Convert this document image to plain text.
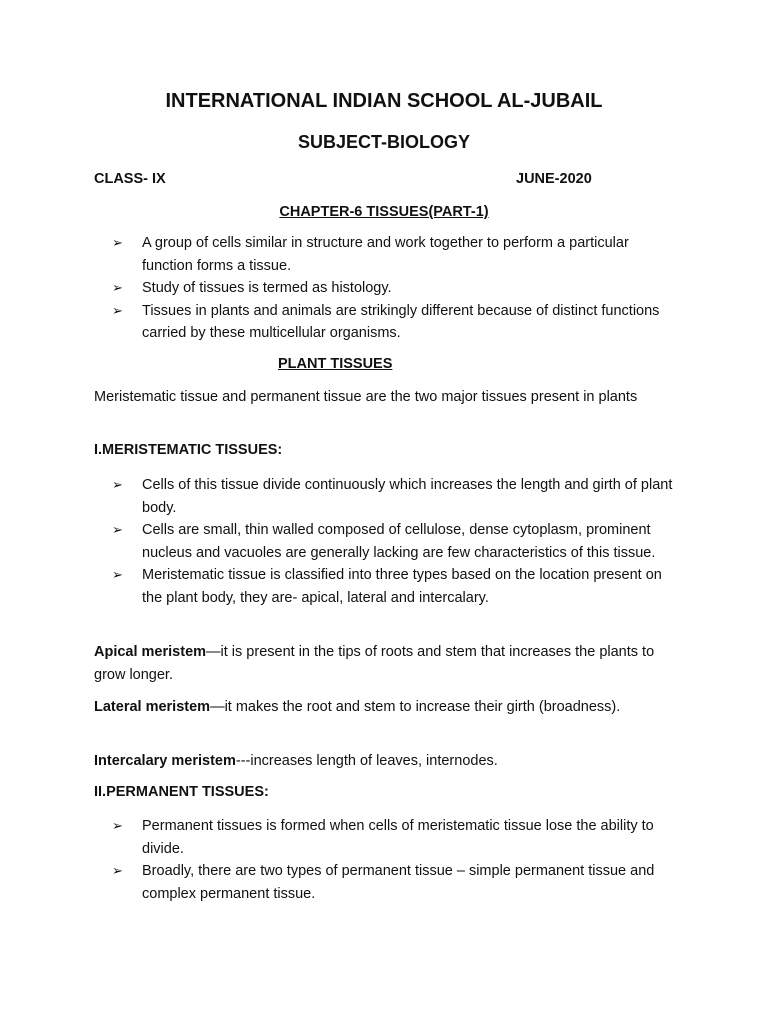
INTERNATIONAL INDIAN SCHOOL AL-JUBAIL
SUBJECT-BIOLOGY
CLASS- IX	JUNE-2020
CHAPTER-6 TISSUES(PART-1)
➢ A group of cells similar in structure and work together to perform a particular function forms a tissue.
➢ Study of tissues is termed as histology.
➢ Tissues in plants and animals are strikingly different because of distinct functions carried by these multicellular organisms.
PLANT TISSUES

Meristematic tissue and permanent tissue are the two major tissues present in plants

I.MERISTEMATIC TISSUES:
➢ Cells of this tissue divide continuously which increases the length and girth of plant body.
➢ Cells are small, thin walled composed of cellulose, dense cytoplasm, prominent nucleus and vacuoles are generally lacking are few characteristics of this tissue.
➢ Meristematic tissue is classified into three types based on the location present on the plant body, they are- apical, lateral and intercalary.

Apical meristem—it is present in the tips of roots and stem that increases the plants to grow longer.

Lateral meristem—it makes the root and stem to increase their girth (broadness).

Intercalary meristem---increases length of leaves, internodes.

II.PERMANENT TISSUES:
➢ Permanent tissues is formed when cells of meristematic tissue lose the ability to divide.
➢ Broadly, there are two types of permanent tissue – simple permanent tissue and complex permanent tissue.
